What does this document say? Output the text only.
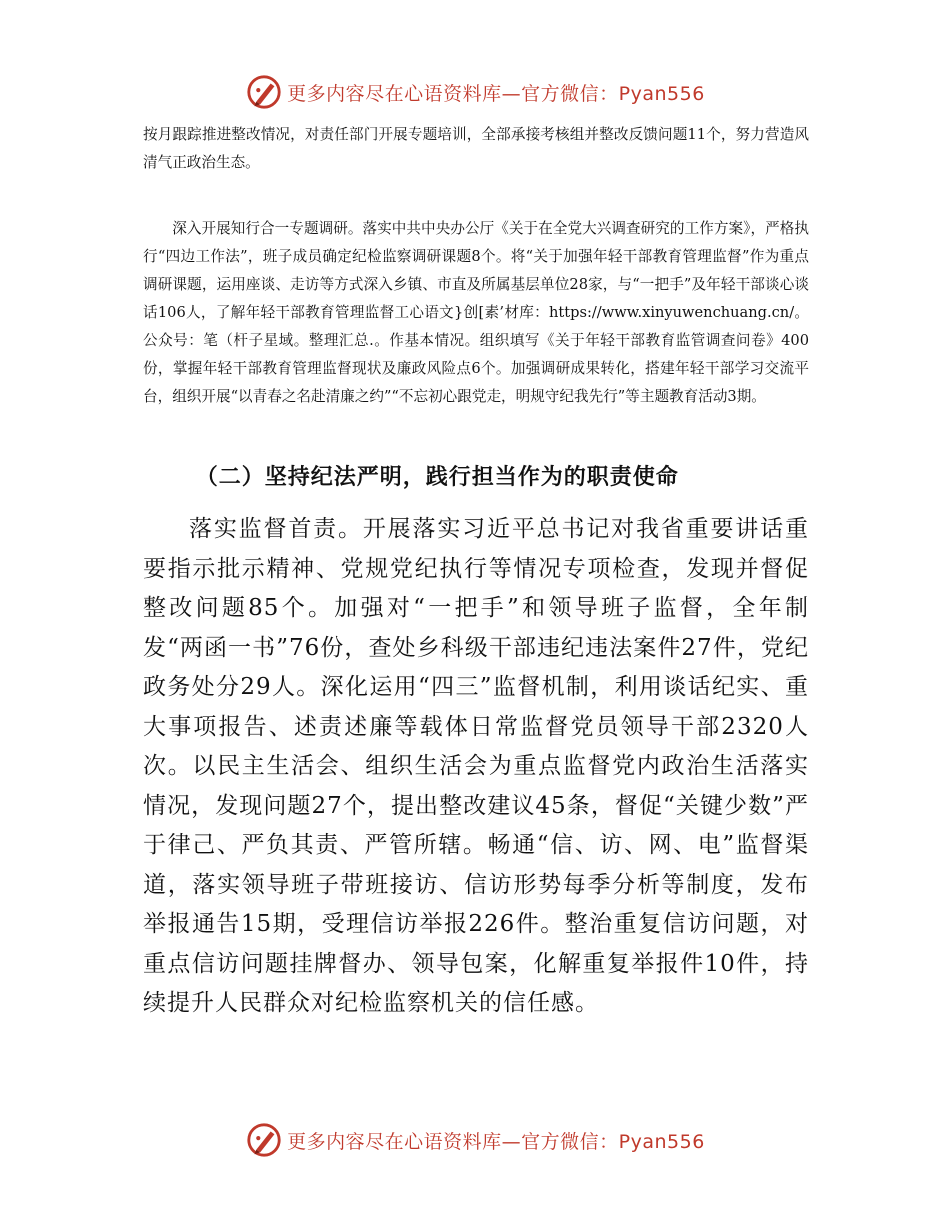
更多内容尽在心语资料库—官方微信：Pyan556

按月跟踪推进整改情况，对责任部门开展专题培训，全部承接考核组并整改反馈问题11个，努力营造风清气正政治生态。

深入开展知行合一专题调研。落实中共中央办公厅《关于在全党大兴调查研究的工作方案》，严格执行“四边工作法”，班子成员确定纪检监察调研课题8个。将“关于加强年轻干部教育管理监督”作为重点调研课题，运用座谈、走访等方式深入乡镇、市直及所属基层单位28家，与“一把手”及年轻干部谈心谈话106人，了解年轻干部教育管理监督工心语文}创[素’材库：https://www.xinyuwenchuang.cn/。公众号：笔（杆子星域。整理汇总.。作基本情况。组织填写《关于年轻干部教育监管调查问卷》400份，掌握年轻干部教育管理监督现状及廉政风险点6个。加强调研成果转化，搭建年轻干部学习交流平台，组织开展“以青春之名赴清廉之约”“不忘初心跟党走，明规守纪我先行”等主题教育活动3期。

（二）坚持纪法严明，践行担当作为的职责使命

落实监督首责。开展落实习近平总书记对我省重要讲话重要指示批示精神、党规党纪执行等情况专项检查，发现并督促整改问题85个。加强对“一把手”和领导班子监督，全年制发“两函一书”76份，查处乡科级干部违纪违法案件27件，党纪政务处分29人。深化运用“四三”监督机制，利用谈话纪实、重大事项报告、述责述廉等载体日常监督党员领导干部2320人次。以民主生活会、组织生活会为重点监督党内政治生活落实情况，发现问题27个，提出整改建议45条，督促“关键少数”严于律己、严负其责、严管所辖。畅通“信、访、网、电”监督渠道，落实领导班子带班接访、信访形势每季分析等制度，发布举报通告15期，受理信访举报226件。整治重复信访问题，对重点信访问题挂牌督办、领导包案，化解重复举报件10件，持续提升人民群众对纪检监察机关的信任感。

更多内容尽在心语资料库—官方微信：Pyan556
